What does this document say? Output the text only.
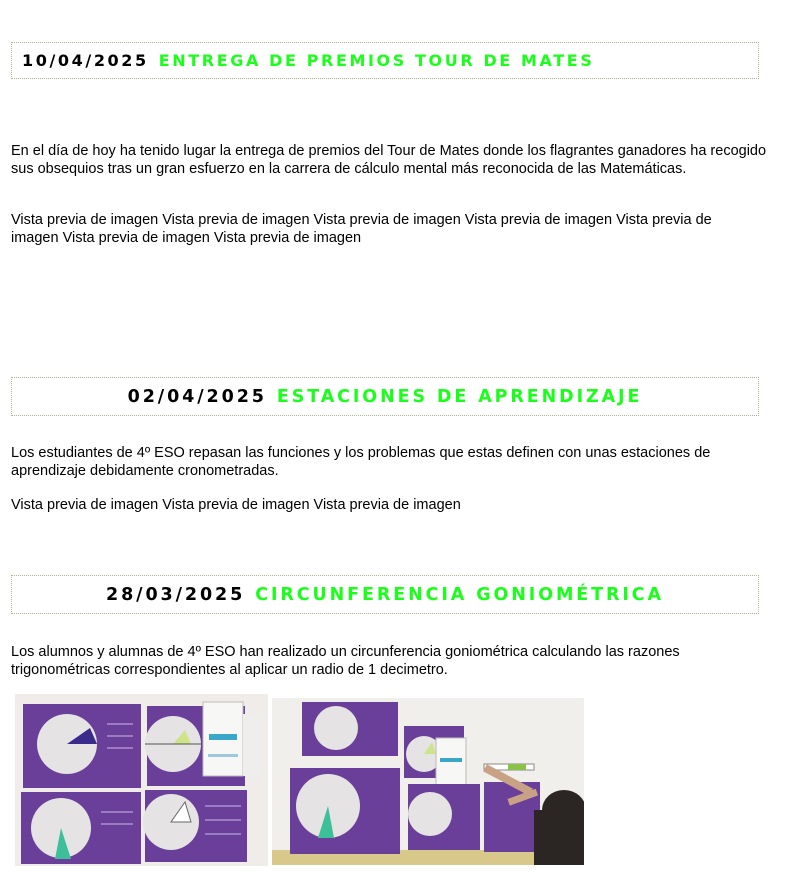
10/04/2025 ENTREGA DE PREMIOS TOUR DE MATES

En el día de hoy ha tenido lugar la entrega de premios del Tour de Mates donde los flagrantes ganadores ha recogido sus obsequios tras un gran esfuerzo en la carrera de cálculo mental más reconocida de las Matemáticas.

Vista previa de imagen Vista previa de imagen Vista previa de imagen Vista previa de imagen Vista previa de imagen Vista previa de imagen Vista previa de imagen

02/04/2025 ESTACIONES DE APRENDIZAJE

Los estudiantes de 4º ESO repasan las funciones y los problemas que estas definen con unas estaciones de aprendizaje debidamente cronometradas.

Vista previa de imagen Vista previa de imagen Vista previa de imagen

28/03/2025 CIRCUNFERENCIA GONIOMÉTRICA

Los alumnos y alumnas de 4º ESO han realizado un circunferencia goniométrica calculando las razones trigonométricas correspondientes al aplicar un radio de 1 decimetro.
